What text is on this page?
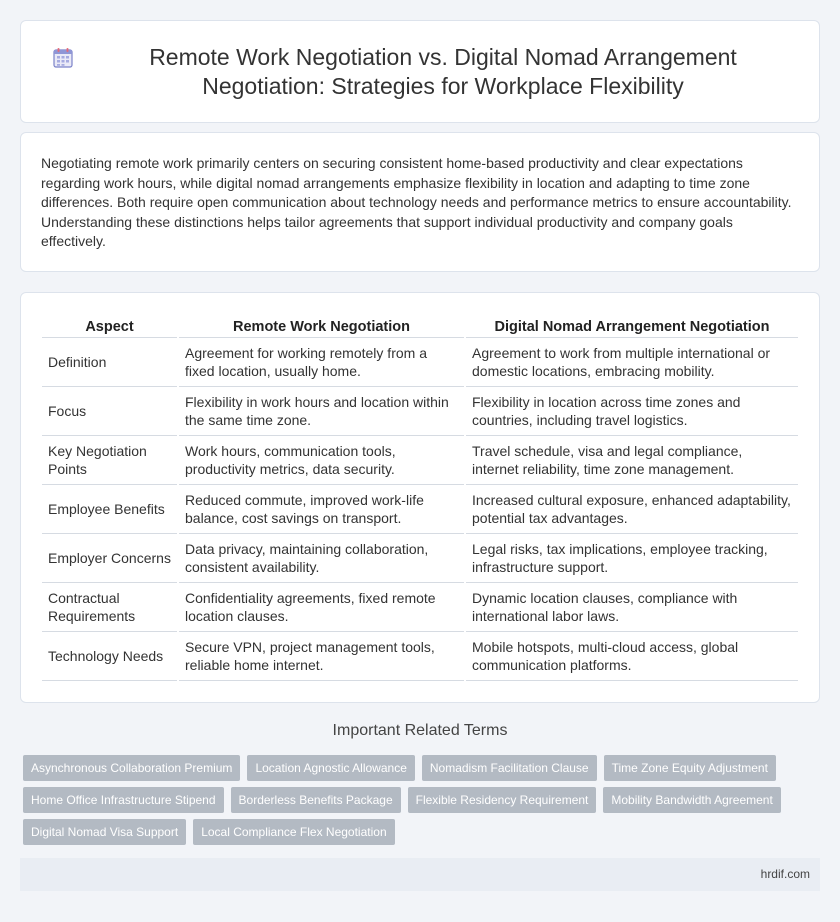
Remote Work Negotiation vs. Digital Nomad Arrangement Negotiation: Strategies for Workplace Flexibility

Negotiating remote work primarily centers on securing consistent home-based productivity and clear expectations regarding work hours, while digital nomad arrangements emphasize flexibility in location and adapting to time zone differences. Both require open communication about technology needs and performance metrics to ensure accountability. Understanding these distinctions helps tailor agreements that support individual productivity and company goals effectively.

Aspect	Remote Work Negotiation	Digital Nomad Arrangement Negotiation
Definition	Agreement for working remotely from a fixed location, usually home.	Agreement to work from multiple international or domestic locations, embracing mobility.
Focus	Flexibility in work hours and location within the same time zone.	Flexibility in location across time zones and countries, including travel logistics.
Key Negotiation Points	Work hours, communication tools, productivity metrics, data security.	Travel schedule, visa and legal compliance, internet reliability, time zone management.
Employee Benefits	Reduced commute, improved work-life balance, cost savings on transport.	Increased cultural exposure, enhanced adaptability, potential tax advantages.
Employer Concerns	Data privacy, maintaining collaboration, consistent availability.	Legal risks, tax implications, employee tracking, infrastructure support.
Contractual Requirements	Confidentiality agreements, fixed remote location clauses.	Dynamic location clauses, compliance with international labor laws.
Technology Needs	Secure VPN, project management tools, reliable home internet.	Mobile hotspots, multi-cloud access, global communication platforms.
Important Related Terms
Asynchronous Collaboration Premium	Location Agnostic Allowance	Nomadism Facilitation Clause	Time Zone Equity Adjustment
Home Office Infrastructure Stipend	Borderless Benefits Package	Flexible Residency Requirement	Mobility Bandwidth Agreement
Digital Nomad Visa Support	Local Compliance Flex Negotiation
hrdif.com
